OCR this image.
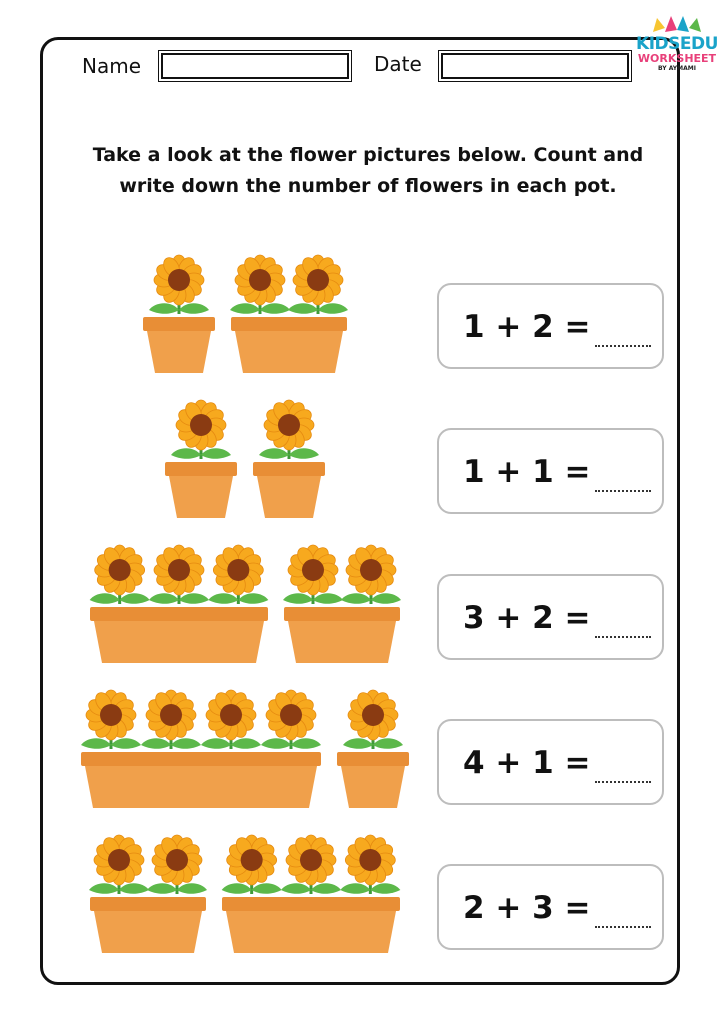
Name	Date
KIDSEDU
WORKSHEET
BY AYMAMI
Take a look at the flower pictures below. Count and write down the number of flowers in each pot.
1 + 2 =
1 + 1 =
3 + 2 =
4 + 1 =
2 + 3 =
